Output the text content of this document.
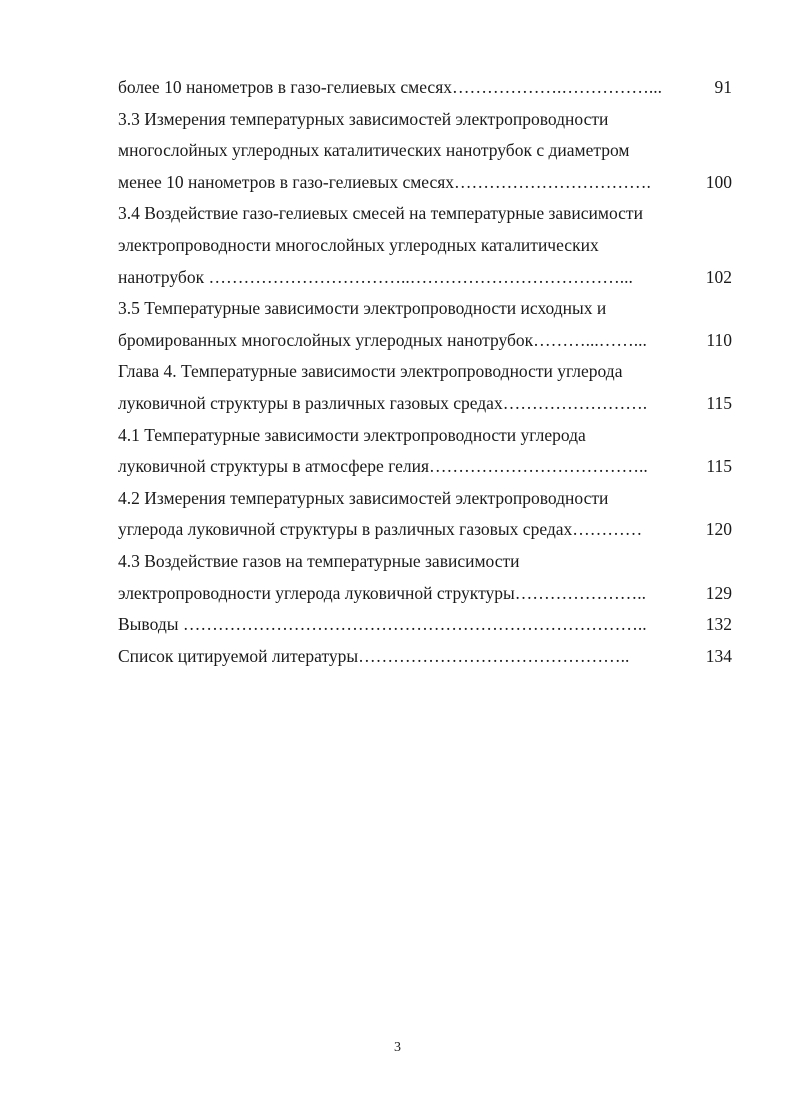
более 10 нанометров в газо-гелиевых смесях……………….……………...	91
3.3 Измерения температурных зависимостей электропроводности
многослойных углеродных каталитических нанотрубок с диаметром
менее 10 нанометров в газо-гелиевых смесях…………………………….	100
3.4 Воздействие газо-гелиевых смесей на температурные зависимости
электропроводности многослойных углеродных каталитических
нанотрубок ……………………………..………………………………...	102
3.5 Температурные зависимости электропроводности исходных и
бромированных многослойных углеродных нанотрубок………...……...	110
Глава 4. Температурные зависимости электропроводности углерода
луковичной структуры в различных газовых средах…………………….	115
4.1 Температурные зависимости электропроводности углерода
луковичной структуры в атмосфере гелия………………………………..	115
4.2 Измерения температурных зависимостей электропроводности
углерода луковичной структуры в различных газовых средах…………	120
4.3 Воздействие газов на температурные зависимости
электропроводности углерода луковичной структуры…………………..	129
Выводы ……………………………………………………………………..	132
Список цитируемой литературы………………………………………..	134
3
